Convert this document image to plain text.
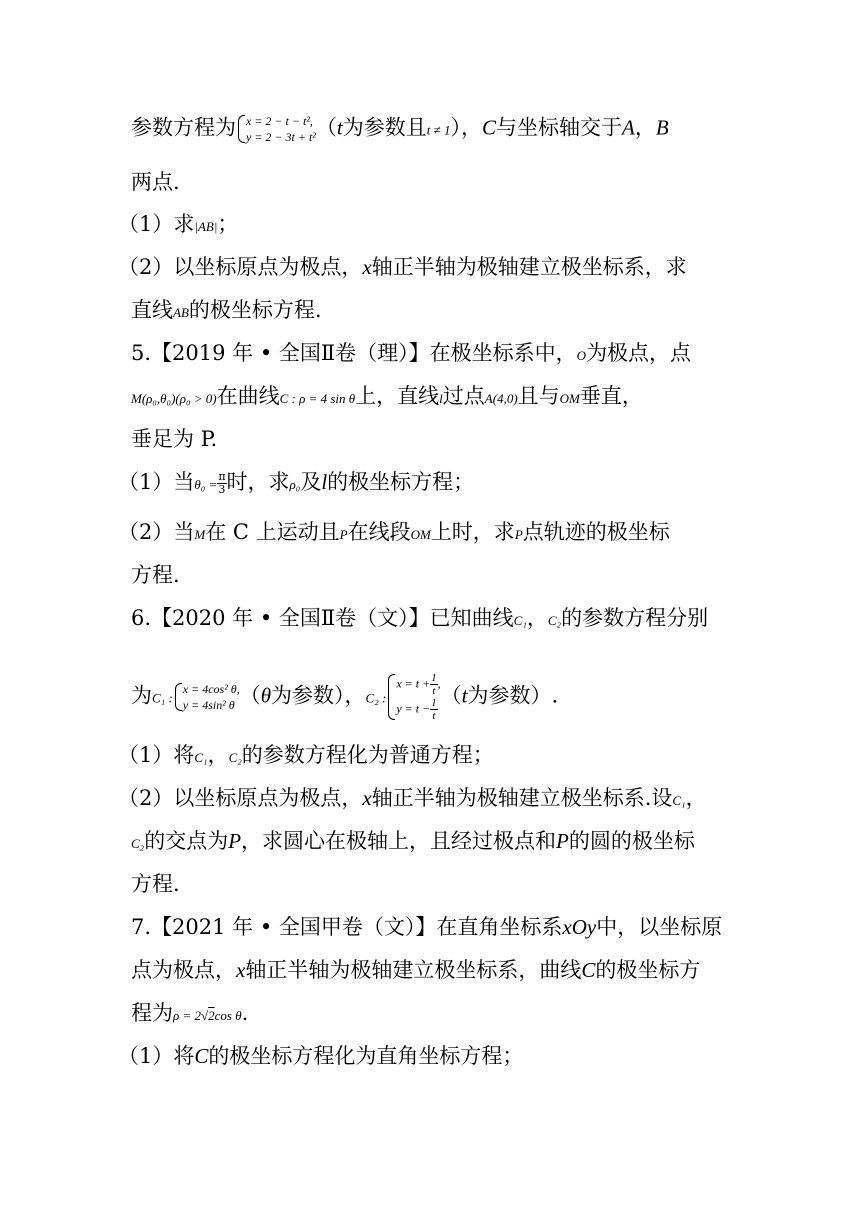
参数方程为 x = 2 − t − t²,
y = 2 − 3t + t² （t为参数且t ≠ 1），C与坐标轴交于A，B
两点.
（1）求|AB|；
（2）以坐标原点为极点，x轴正半轴为极轴建立极坐标系，求
直线AB的极坐标方程.
5.【2019 年 • 全国Ⅱ卷（理）】在极坐标系中，O为极点，点
M(ρ₀,θ₀)(ρ₀ > 0)在曲线C : ρ = 4 sin θ上，直线l过点A(4,0)且与OM垂直，
垂足为 P.
（1）当$\theta_0 = \frac{\pi}{3}$ 时，求ρ₀及l的极坐标方程；
（2）当M在 C 上运动且P在线段OM上时，求P点轨迹的极坐标
方程.
6.【2020 年 • 全国Ⅱ卷（文）】已知曲线C₁，C₂的参数方程分别
为C₁ :
x = 4cos² θ,
y = 4sin² θ （θ为参数），C₂ :
$x = t + \frac{1}{t}$ ,
$y = t - \frac{1}{t}$
（t为参数）.
（1）将C₁，C₂的参数方程化为普通方程；
（2）以坐标原点为极点，x轴正半轴为极轴建立极坐标系.设C₁，
C₂的交点为P，求圆心在极轴上，且经过极点和P的圆的极坐标
方程.
7.【2021 年 • 全国甲卷（文）】在直角坐标系xOy中，以坐标原
点为极点，x轴正半轴为极轴建立极坐标系，曲线C的极坐标方
程为ρ = 2√2cos θ.
（1）将C的极坐标方程化为直角坐标方程；
